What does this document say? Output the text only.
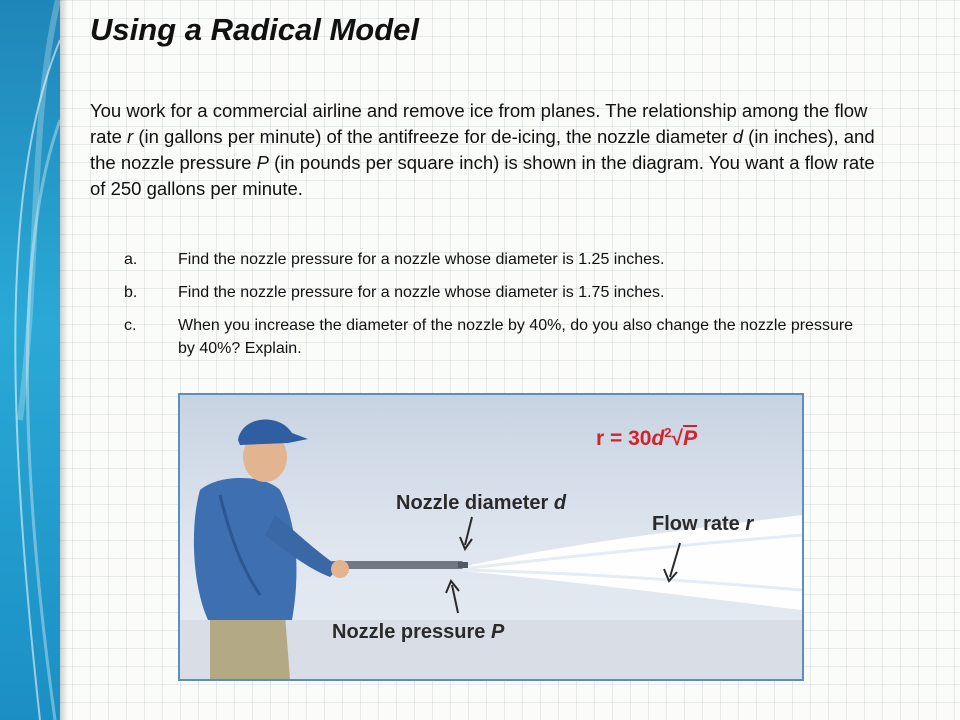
Using a Radical Model

You work for a commercial airline and remove ice from planes. The relationship among the flow rate r (in gallons per minute) of the antifreeze for de-icing, the nozzle diameter d (in inches), and the nozzle pressure P (in pounds per square inch) is shown in the diagram. You want a flow rate of 250 gallons per minute.

a.	Find the nozzle pressure for a nozzle whose diameter is 1.25 inches.
b.	Find the nozzle pressure for a nozzle whose diameter is 1.75 inches.
c.	When you increase the diameter of the nozzle by 40%, do you also change the nozzle pressure by 40%? Explain.
$r = 30d^2√P$
Nozzle diameter d
Flow rate r
Nozzle pressure P
